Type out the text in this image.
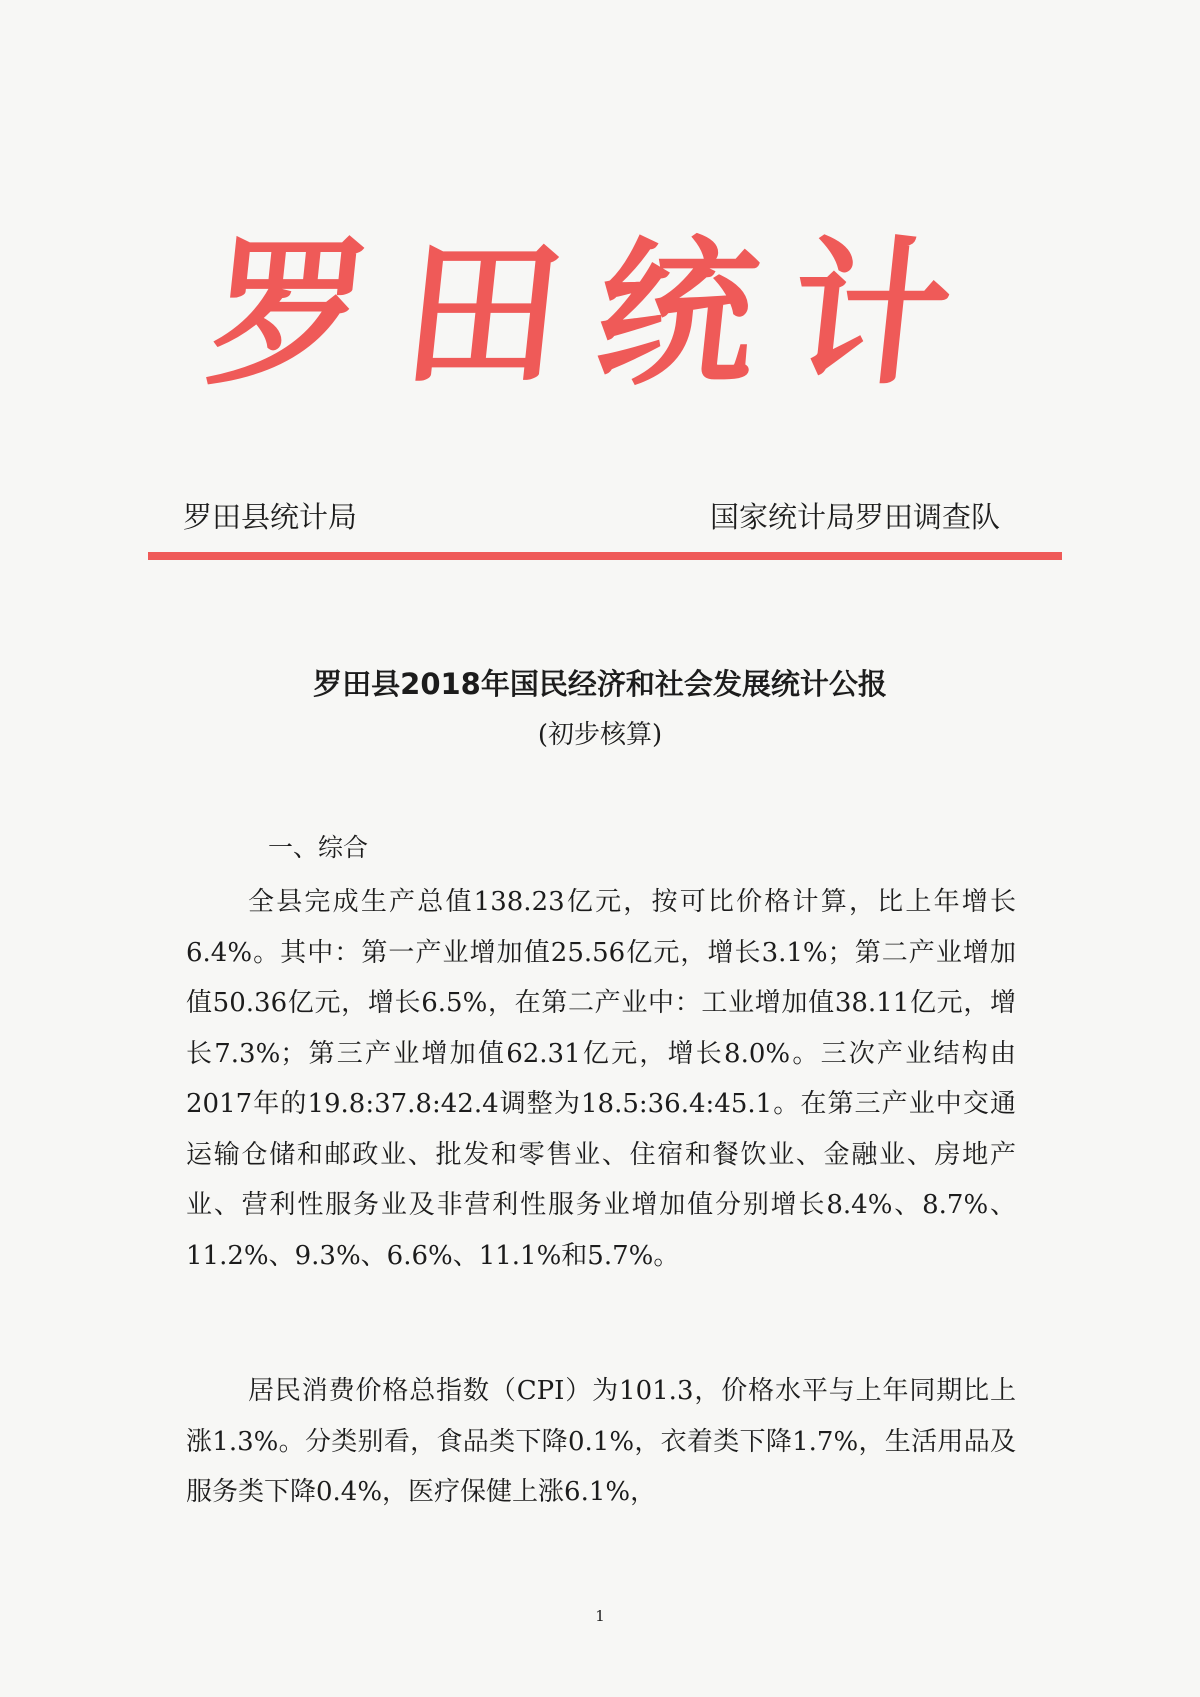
罗田统计
罗田县统计局	国家统计局罗田调查队
罗田县2018年国民经济和社会发展统计公报
(初步核算)
一、综合

全县完成生产总值138.23亿元，按可比价格计算，比上年增长6.4%。其中：第一产业增加值25.56亿元，增长3.1%；第二产业增加值50.36亿元，增长6.5%，在第二产业中：工业增加值38.11亿元，增长7.3%；第三产业增加值62.31亿元，增长8.0%。三次产业结构由2017年的19.8:37.8:42.4调整为18.5:36.4:45.1。在第三产业中交通运输仓储和邮政业、批发和零售业、住宿和餐饮业、金融业、房地产业、营利性服务业及非营利性服务业增加值分别增长8.4%、8.7%、11.2%、9.3%、6.6%、11.1%和5.7%。

居民消费价格总指数（CPI）为101.3，价格水平与上年同期比上涨1.3%。分类别看，食品类下降0.1%，衣着类下降1.7%，生活用品及服务类下降0.4%，医疗保健上涨6.1%，

1
